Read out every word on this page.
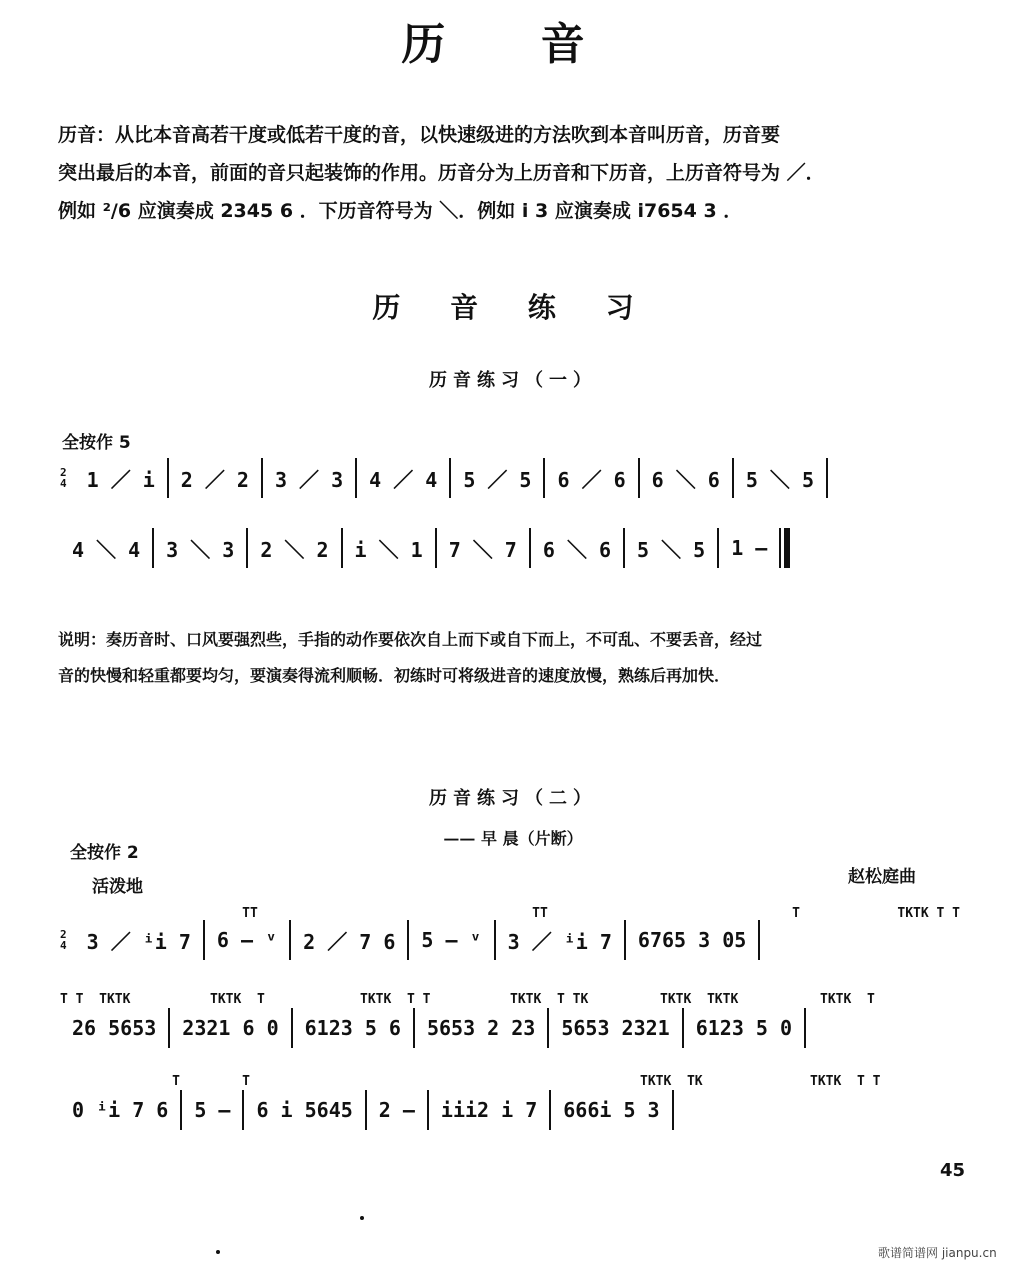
历 音

历音：从比本音高若干度或低若干度的音，以快速级进的方法吹到本音叫历音，历音要

突出最后的本音，前面的音只起装饰的作用。历音分为上历音和下历音，上历音符号为 ／．

例如 ²/6 应演奏成 2345 6 ．下历音符号为 ＼．例如 i 3 应演奏成 i7654 3 ．

历 音 练 习
历音练习（一）
全按作 5
2
4	1 ／ i	2 ／ 2	3 ／ 3	4 ／ 4	5 ／ 5	6 ／ 6	6 ＼ 6	5 ＼ 5
4 ＼ 4	3 ＼ 3	2 ＼ 2	i ＼ 1	7 ＼ 7	6 ＼ 6	5 ＼ 5	1 –

说明：奏历音时、口风要强烈些，手指的动作要依次自上而下或自下而上，不可乱、不要丢音，经过

音的快慢和轻重都要均匀，要演奏得流利顺畅．初练时可将级进音的速度放慢，熟练后再加快．

历音练习（二）
—— 早 晨（片断）
全按作 2
活泼地	赵松庭曲
T T	T T	T	TKTK T T
2
4	3 ／ ⁱi 7	6 – ᵛ	2 ／ 7 6	5 – ᵛ	3 ／ ⁱi 7	6765 3 05
T T  TKTK	TKTK  T	TKTK  T T	TKTK  T TK	TKTK  TKTK	TKTK  T
26 5653	2321 6 0	6123 5 6	5653 2 23	5653 2321	6123 5 0
T	T	TKTK  TK	TKTK  T T
0 ⁱi 7 6	5 –	6 i 5645	2 –	iii2 i 7	666i 5 3
45
歌谱简谱网 jianpu.cn
